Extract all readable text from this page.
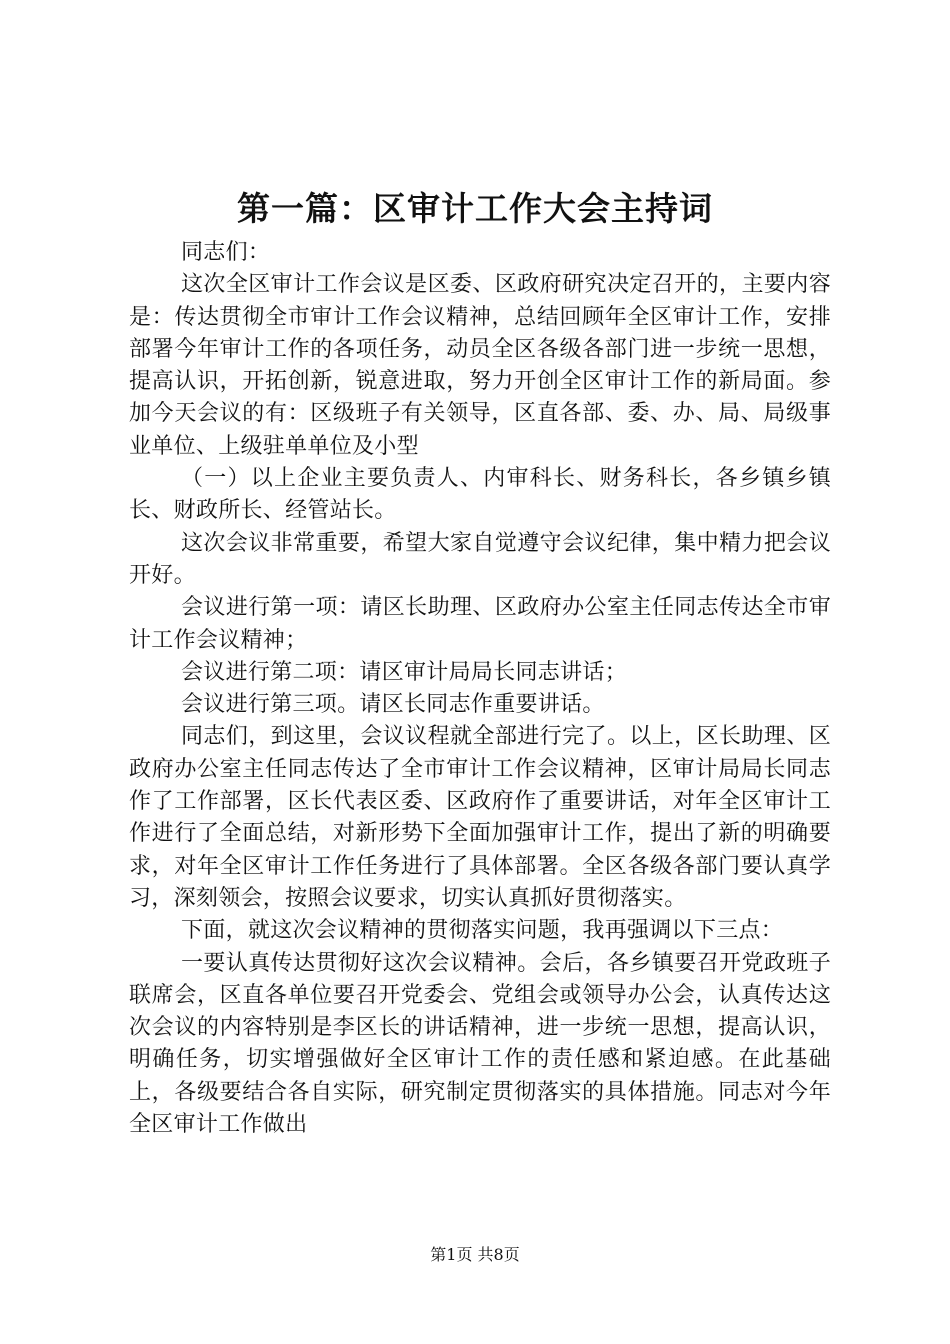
第一篇：区审计工作大会主持词

同志们：

这次全区审计工作会议是区委、区政府研究决定召开的，主要内容是：传达贯彻全市审计工作会议精神，总结回顾年全区审计工作，安排部署今年审计工作的各项任务，动员全区各级各部门进一步统一思想，提高认识，开拓创新，锐意进取，努力开创全区审计工作的新局面。参加今天会议的有：区级班子有关领导，区直各部、委、办、局、局级事业单位、上级驻单单位及小型

（一）以上企业主要负责人、内审科长、财务科长，各乡镇乡镇长、财政所长、经管站长。

这次会议非常重要，希望大家自觉遵守会议纪律，集中精力把会议开好。

会议进行第一项：请区长助理、区政府办公室主任同志传达全市审计工作会议精神；

会议进行第二项：请区审计局局长同志讲话；

会议进行第三项。请区长同志作重要讲话。

同志们，到这里，会议议程就全部进行完了。以上，区长助理、区政府办公室主任同志传达了全市审计工作会议精神，区审计局局长同志作了工作部署，区长代表区委、区政府作了重要讲话，对年全区审计工作进行了全面总结，对新形势下全面加强审计工作，提出了新的明确要求，对年全区审计工作任务进行了具体部署。全区各级各部门要认真学习，深刻领会，按照会议要求，切实认真抓好贯彻落实。

下面，就这次会议精神的贯彻落实问题，我再强调以下三点：

一要认真传达贯彻好这次会议精神。会后，各乡镇要召开党政班子联席会，区直各单位要召开党委会、党组会或领导办公会，认真传达这次会议的内容特别是李区长的讲话精神，进一步统一思想，提高认识，明确任务，切实增强做好全区审计工作的责任感和紧迫感。在此基础上，各级要结合各自实际，研究制定贯彻落实的具体措施。同志对今年全区审计工作做出

第1页 共8页
